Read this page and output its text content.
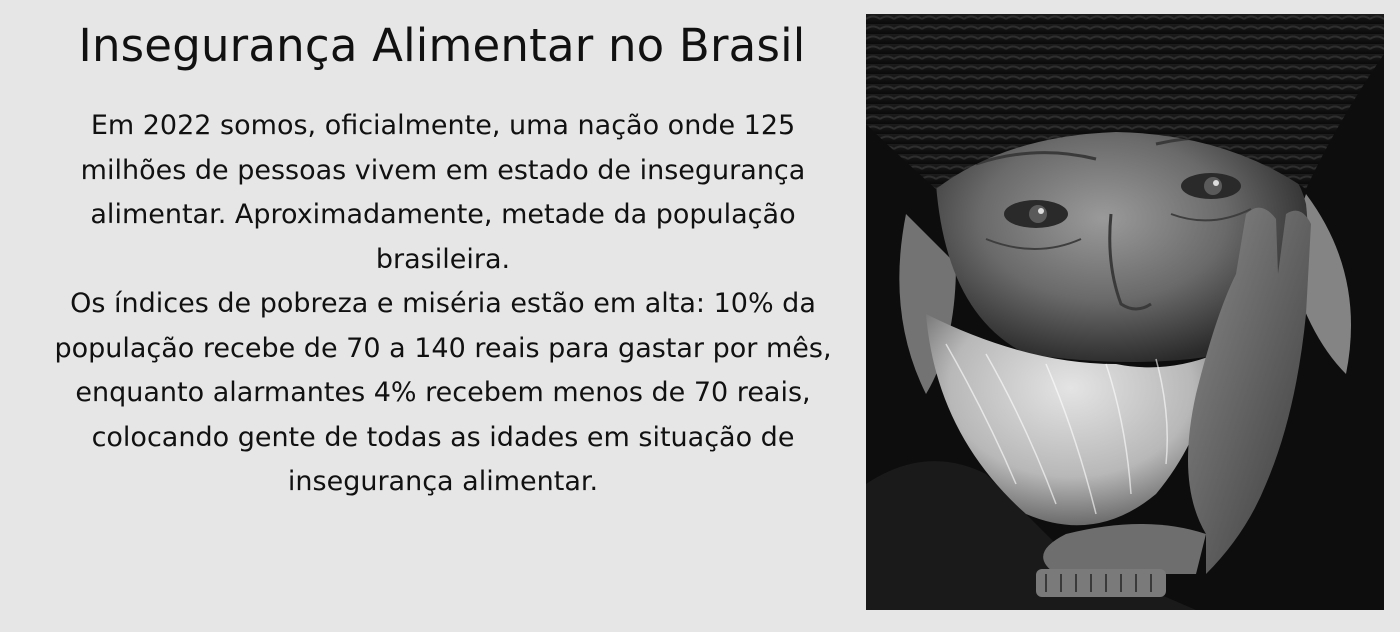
Insegurança Alimentar no Brasil

Em 2022 somos, oficialmente, uma nação onde 125 milhões de pessoas vivem em estado de insegurança alimentar. Aproximadamente, metade da população brasileira.

Os índices de pobreza e miséria estão em alta: 10% da população recebe de 70 a 140 reais para gastar por mês, enquanto alarmantes 4% recebem menos de 70 reais, colocando gente de todas as idades em situação de insegurança alimentar.
